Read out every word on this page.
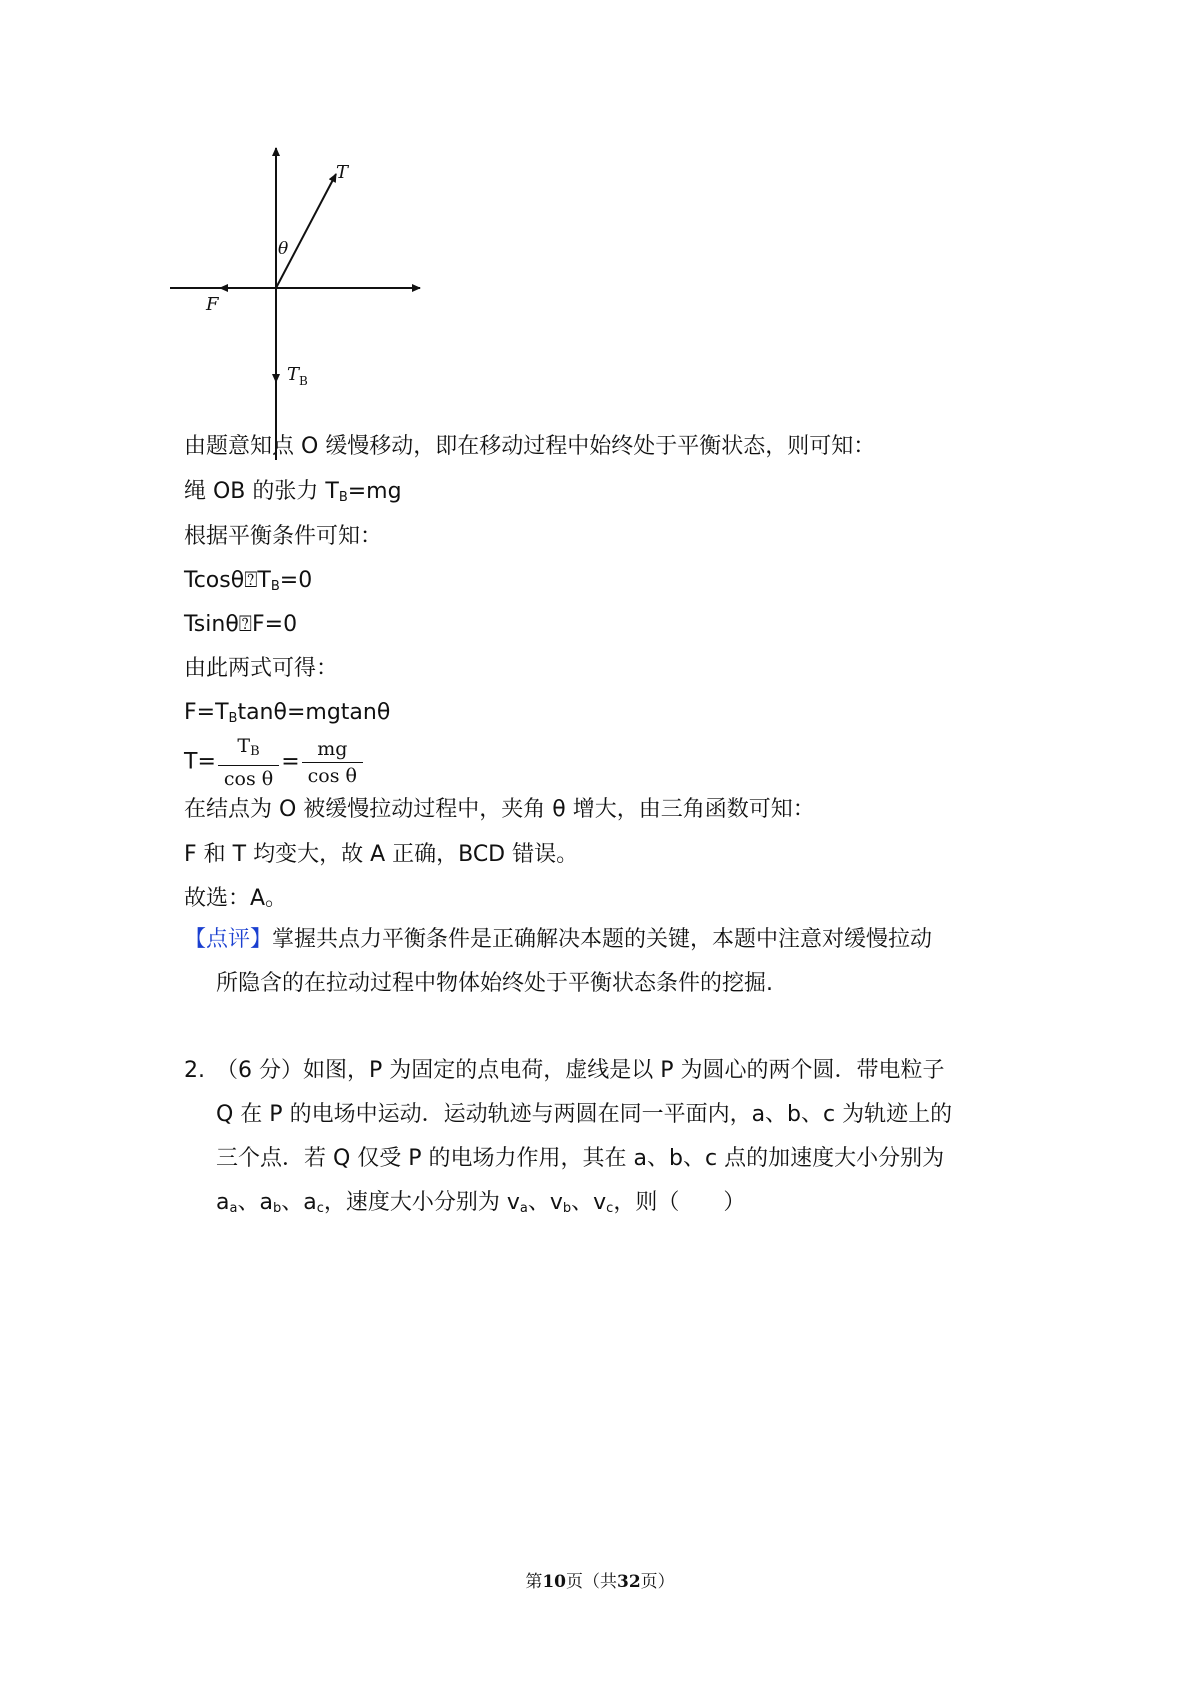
T
θ
F
$T_B$
由题意知点 O 缓慢移动，即在移动过程中始终处于平衡状态，则可知：
绳 OB 的张力 $T_B=mg$
根据平衡条件可知：
$Tcos\theta⍰T_B=0$
Tsinθ⍰F=0
由此两式可得：
$F=T_B\tan\theta=mgtan\theta$
$T= \frac{T_B}{\text{cos θ}} = \frac{mg}{\text{cos θ}}$
在结点为 O 被缓慢拉动过程中，夹角 θ 增大，由三角函数可知：
F 和 T 均变大，故 A 正确，BCD 错误。
故选：A。
【点评】掌握共点力平衡条件是正确解决本题的关键，本题中注意对缓慢拉动
所隐含的在拉动过程中物体始终处于平衡状态条件的挖掘.
2. （6 分）如图，P 为固定的点电荷，虚线是以 P 为圆心的两个圆．带电粒子
Q 在 P 的电场中运动．运动轨迹与两圆在同一平面内，a、b、c 为轨迹上的
三个点．若 Q 仅受 P 的电场力作用，其在 a、b、c 点的加速度大小分别为
$a_a$、$a_b$、$a_c$，速度大小分别为 $v_a$、$v_b$、$v_c$，则（　　）
第10页（共32页）
